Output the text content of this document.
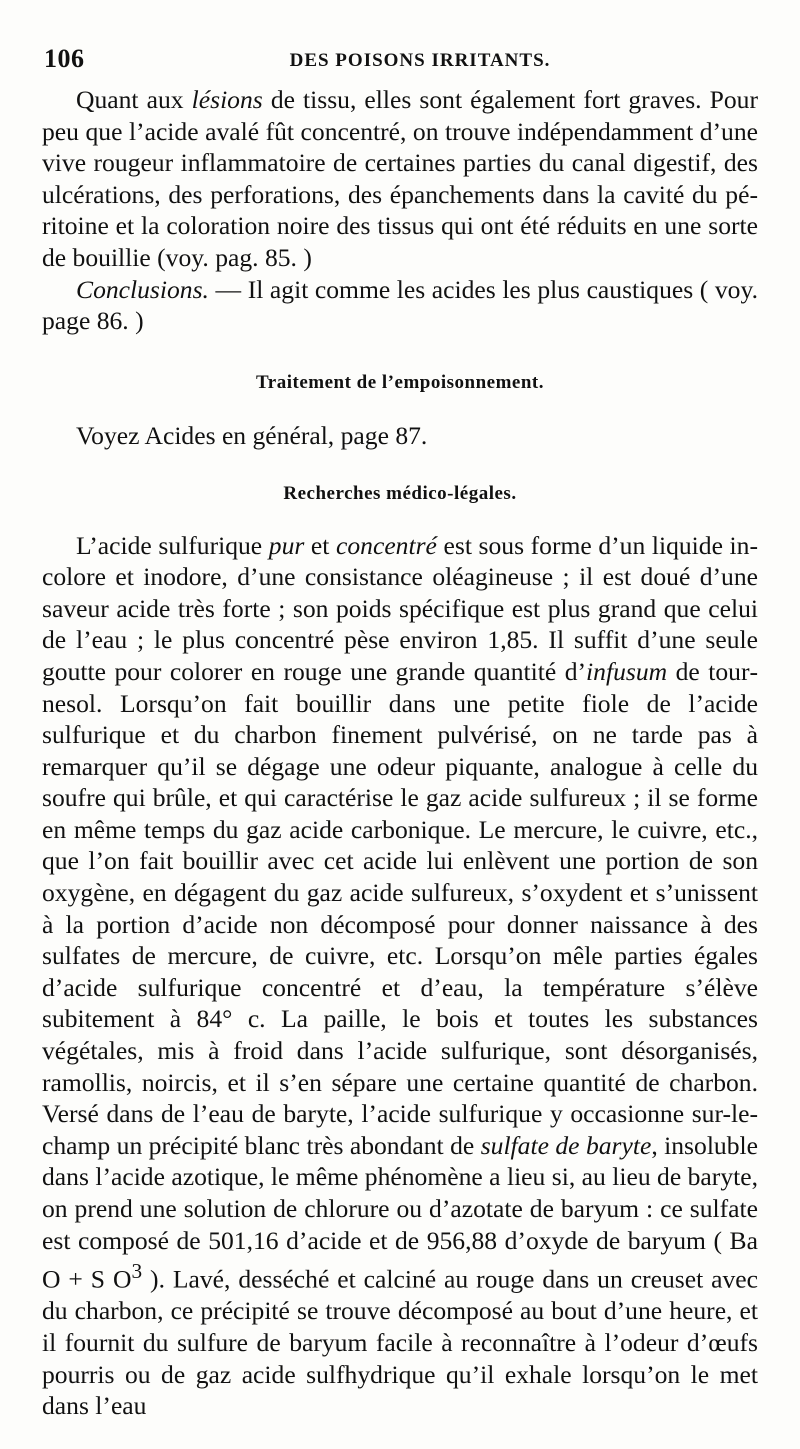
106	DES POISONS IRRITANTS.

Quant aux lésions de tissu, elles sont également fort graves. Pour peu que l’acide avalé fût concentré, on trouve indépendamment d’une vive rougeur inflammatoire de certaines parties du canal digestif, des ulcérations, des perforations, des épanchements dans la cavité du péritoine et la coloration noire des tissus qui ont été réduits en une sorte de bouillie (voy. pag. 85. )

Conclusions. — Il agit comme les acides les plus caustiques ( voy. page 86. )

Traitement de l’empoisonnement.

Voyez Acides en général, page 87.

Recherches médico-légales.

L’acide sulfurique pur et concentré est sous forme d’un liquide incolore et inodore, d’une consistance oléagineuse ; il est doué d’une saveur acide très forte ; son poids spécifique est plus grand que celui de l’eau ; le plus concentré pèse environ 1,85. Il suffit d’une seule goutte pour colorer en rouge une grande quantité d’infusum de tournesol. Lorsqu’on fait bouillir dans une petite fiole de l’acide sulfurique et du charbon finement pulvérisé, on ne tarde pas à remarquer qu’il se dégage une odeur piquante, analogue à celle du soufre qui brûle, et qui caractérise le gaz acide sulfureux ; il se forme en même temps du gaz acide carbonique. Le mercure, le cuivre, etc., que l’on fait bouillir avec cet acide lui enlèvent une portion de son oxygène, en dégagent du gaz acide sulfureux, s’oxydent et s’unissent à la portion d’acide non décomposé pour donner naissance à des sulfates de mercure, de cuivre, etc. Lorsqu’on mêle parties égales d’acide sulfurique concentré et d’eau, la température s’élève subitement à 84° c. La paille, le bois et toutes les substances végétales, mis à froid dans l’acide sulfurique, sont désorganisés, ramollis, noircis, et il s’en sépare une certaine quantité de charbon. Versé dans de l’eau de baryte, l’acide sulfurique y occasionne sur-le-champ un précipité blanc très abondant de sulfate de baryte, insoluble dans l’acide azotique, le même phénomène a lieu si, au lieu de baryte, on prend une solution de chlorure ou d’azotate de baryum : ce sulfate est composé de 501,16 d’acide et de 956,88 d’oxyde de baryum ( Ba O + S $O^3$ ). Lavé, desséché et calciné au rouge dans un creuset avec du charbon, ce précipité se trouve décomposé au bout d’une heure, et il fournit du sulfure de baryum facile à reconnaître à l’odeur d’œufs pourris ou de gaz acide sulfhydrique qu’il exhale lorsqu’on le met dans l’eau
